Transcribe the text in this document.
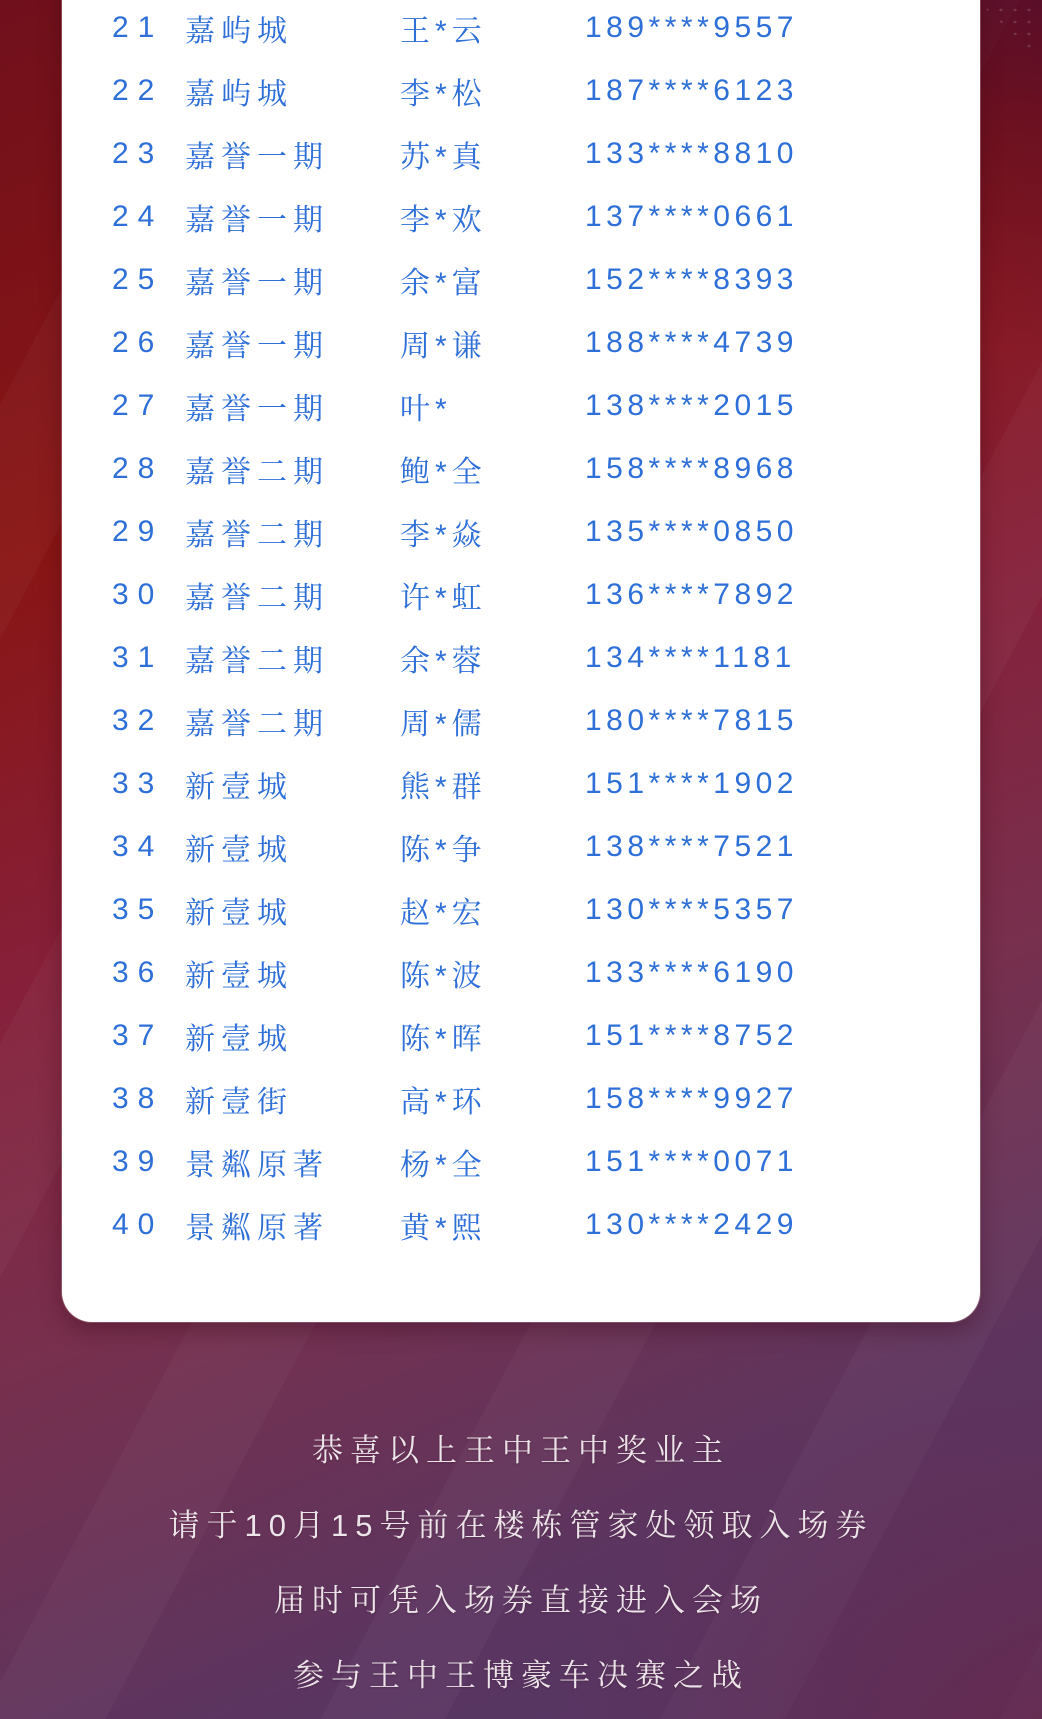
21 嘉屿城	王*云	189****9557
22 嘉屿城	李*松	187****6123
23 嘉誉一期	苏*真	133****8810
24 嘉誉一期	李*欢	137****0661
25 嘉誉一期	余*富	152****8393
26 嘉誉一期	周*谦	188****4739
27 嘉誉一期	叶*	138****2015
28 嘉誉二期	鲍*全	158****8968
29 嘉誉二期	李*焱	135****0850
30 嘉誉二期	许*虹	136****7892
31 嘉誉二期	余*蓉	134****1181
32 嘉誉二期	周*儒	180****7815
33 新壹城	熊*群	151****1902
34 新壹城	陈*争	138****7521
35 新壹城	赵*宏	130****5357
36 新壹城	陈*波	133****6190
37 新壹城	陈*晖	151****8752
38 新壹街	高*环	158****9927
39 景粼原著	杨*全	151****0071
40 景粼原著	黄*熙	130****2429
恭喜以上王中王中奖业主
请于10月15号前在楼栋管家处领取入场券
届时可凭入场券直接进入会场
参与王中王博豪车决赛之战
